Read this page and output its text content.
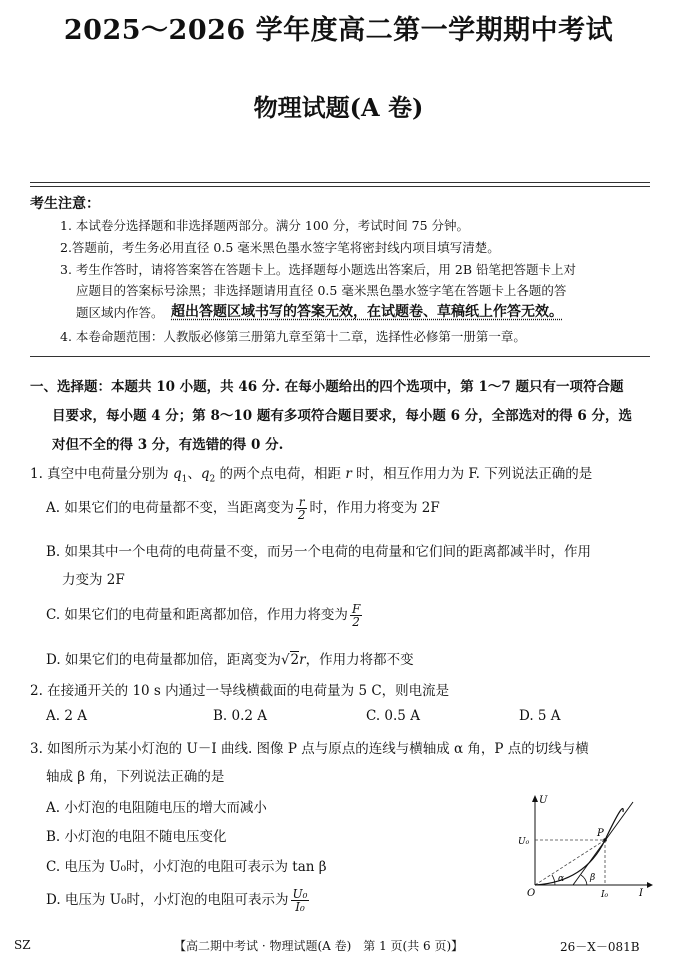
2025～2026 学年度高二第一学期期中考试
物理试题(A 卷)
考生注意：
1. 本试卷分选择题和非选择题两部分。满分 100 分，考试时间 75 分钟。
2.答题前，考生务必用直径 0.5 毫米黑色墨水签字笔将密封线内项目填写清楚。
3. 考生作答时，请将答案答在答题卡上。选择题每小题选出答案后，用 2B 铅笔把答题卡上对
应题目的答案标号涂黑；非选择题请用直径 0.5 毫米黑色墨水签字笔在答题卡上各题的答
题区域内作答。 超出答题区域书写的答案无效，在试题卷、草稿纸上作答无效。
4. 本卷命题范围：人教版必修第三册第九章至第十二章，选择性必修第一册第一章。
一、选择题：本题共 10 小题，共 46 分. 在每小题给出的四个选项中，第 1～7 题只有一项符合题
目要求，每小题 4 分；第 8～10 题有多项符合题目要求，每小题 6 分，全部选对的得 6 分，选
对但不全的得 3 分，有选错的得 0 分.
1. 真空中电荷量分别为 $q_1$、$q_2$ 的两个点电荷，相距 r 时，相互作用力为 F. 下列说法正确的是
A. 如果它们的电荷量都不变，当距离变为 $\frac{r}{2}$ 时，作用力将变为 2F
B. 如果其中一个电荷的电荷量不变，而另一个电荷的电荷量和它们间的距离都减半时，作用
力变为 2F
C. 如果它们的电荷量和距离都加倍，作用力将变为 $\frac{F}{2}$
D. 如果它们的电荷量都加倍，距离变为√2r，作用力将都不变
2. 在接通开关的 10 s 内通过一导线横截面的电荷量为 5 C，则电流是
A. 2 A	B. 0.2 A	C. 0.5 A	D. 5 A
3. 如图所示为某小灯泡的 U－I 曲线. 图像 P 点与原点的连线与横轴成 α 角，P 点的切线与横
轴成 β 角，下列说法正确的是
A. 小灯泡的电阻随电压的增大而减小
B. 小灯泡的电阻不随电压变化
C. 电压为 U₀时，小灯泡的电阻可表示为 tan β
D. 电压为 U₀时，小灯泡的电阻可表示为 $\frac{\text{U₀}}{\text{I₀}}$
U
I
O
U₀
I₀
P
α	β
SZ	【高二期中考试 · 物理试题(A 卷)　第 1 页(共 6 页)】	26－X－081B
